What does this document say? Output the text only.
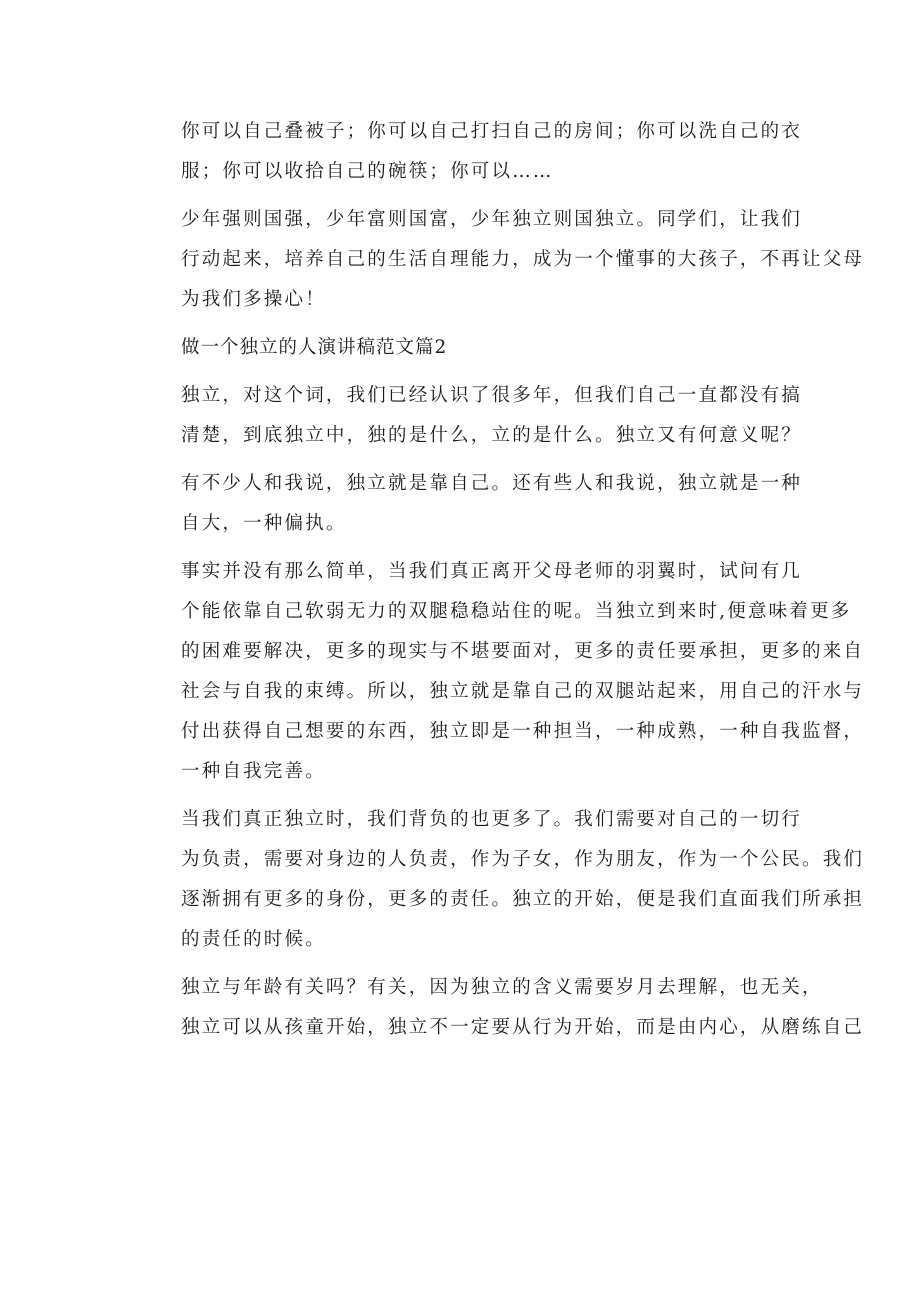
你可以自己叠被子；你可以自己打扫自己的房间；你可以洗自己的衣
服；你可以收拾自己的碗筷；你可以……

少年强则国强，少年富则国富，少年独立则国独立。同学们，让我们
行动起来，培养自己的生活自理能力，成为一个懂事的大孩子，不再让父母
为我们多操心！

做一个独立的人演讲稿范文篇2

独立，对这个词，我们已经认识了很多年，但我们自己一直都没有搞
清楚，到底独立中，独的是什么，立的是什么。独立又有何意义呢？

有不少人和我说，独立就是靠自己。还有些人和我说，独立就是一种
自大，一种偏执。

事实并没有那么简单，当我们真正离开父母老师的羽翼时，试问有几
个能依靠自己软弱无力的双腿稳稳站住的呢。当独立到来时,便意味着更多
的困难要解决，更多的现实与不堪要面对，更多的责任要承担，更多的来自
社会与自我的束缚。所以，独立就是靠自己的双腿站起来，用自己的汗水与
付出获得自己想要的东西，独立即是一种担当，一种成熟，一种自我监督，
一种自我完善。

当我们真正独立时，我们背负的也更多了。我们需要对自己的一切行
为负责，需要对身边的人负责，作为子女，作为朋友，作为一个公民。我们
逐渐拥有更多的身份，更多的责任。独立的开始，便是我们直面我们所承担
的责任的时候。

独立与年龄有关吗？有关，因为独立的含义需要岁月去理解，也无关，
独立可以从孩童开始，独立不一定要从行为开始，而是由内心，从磨练自己
